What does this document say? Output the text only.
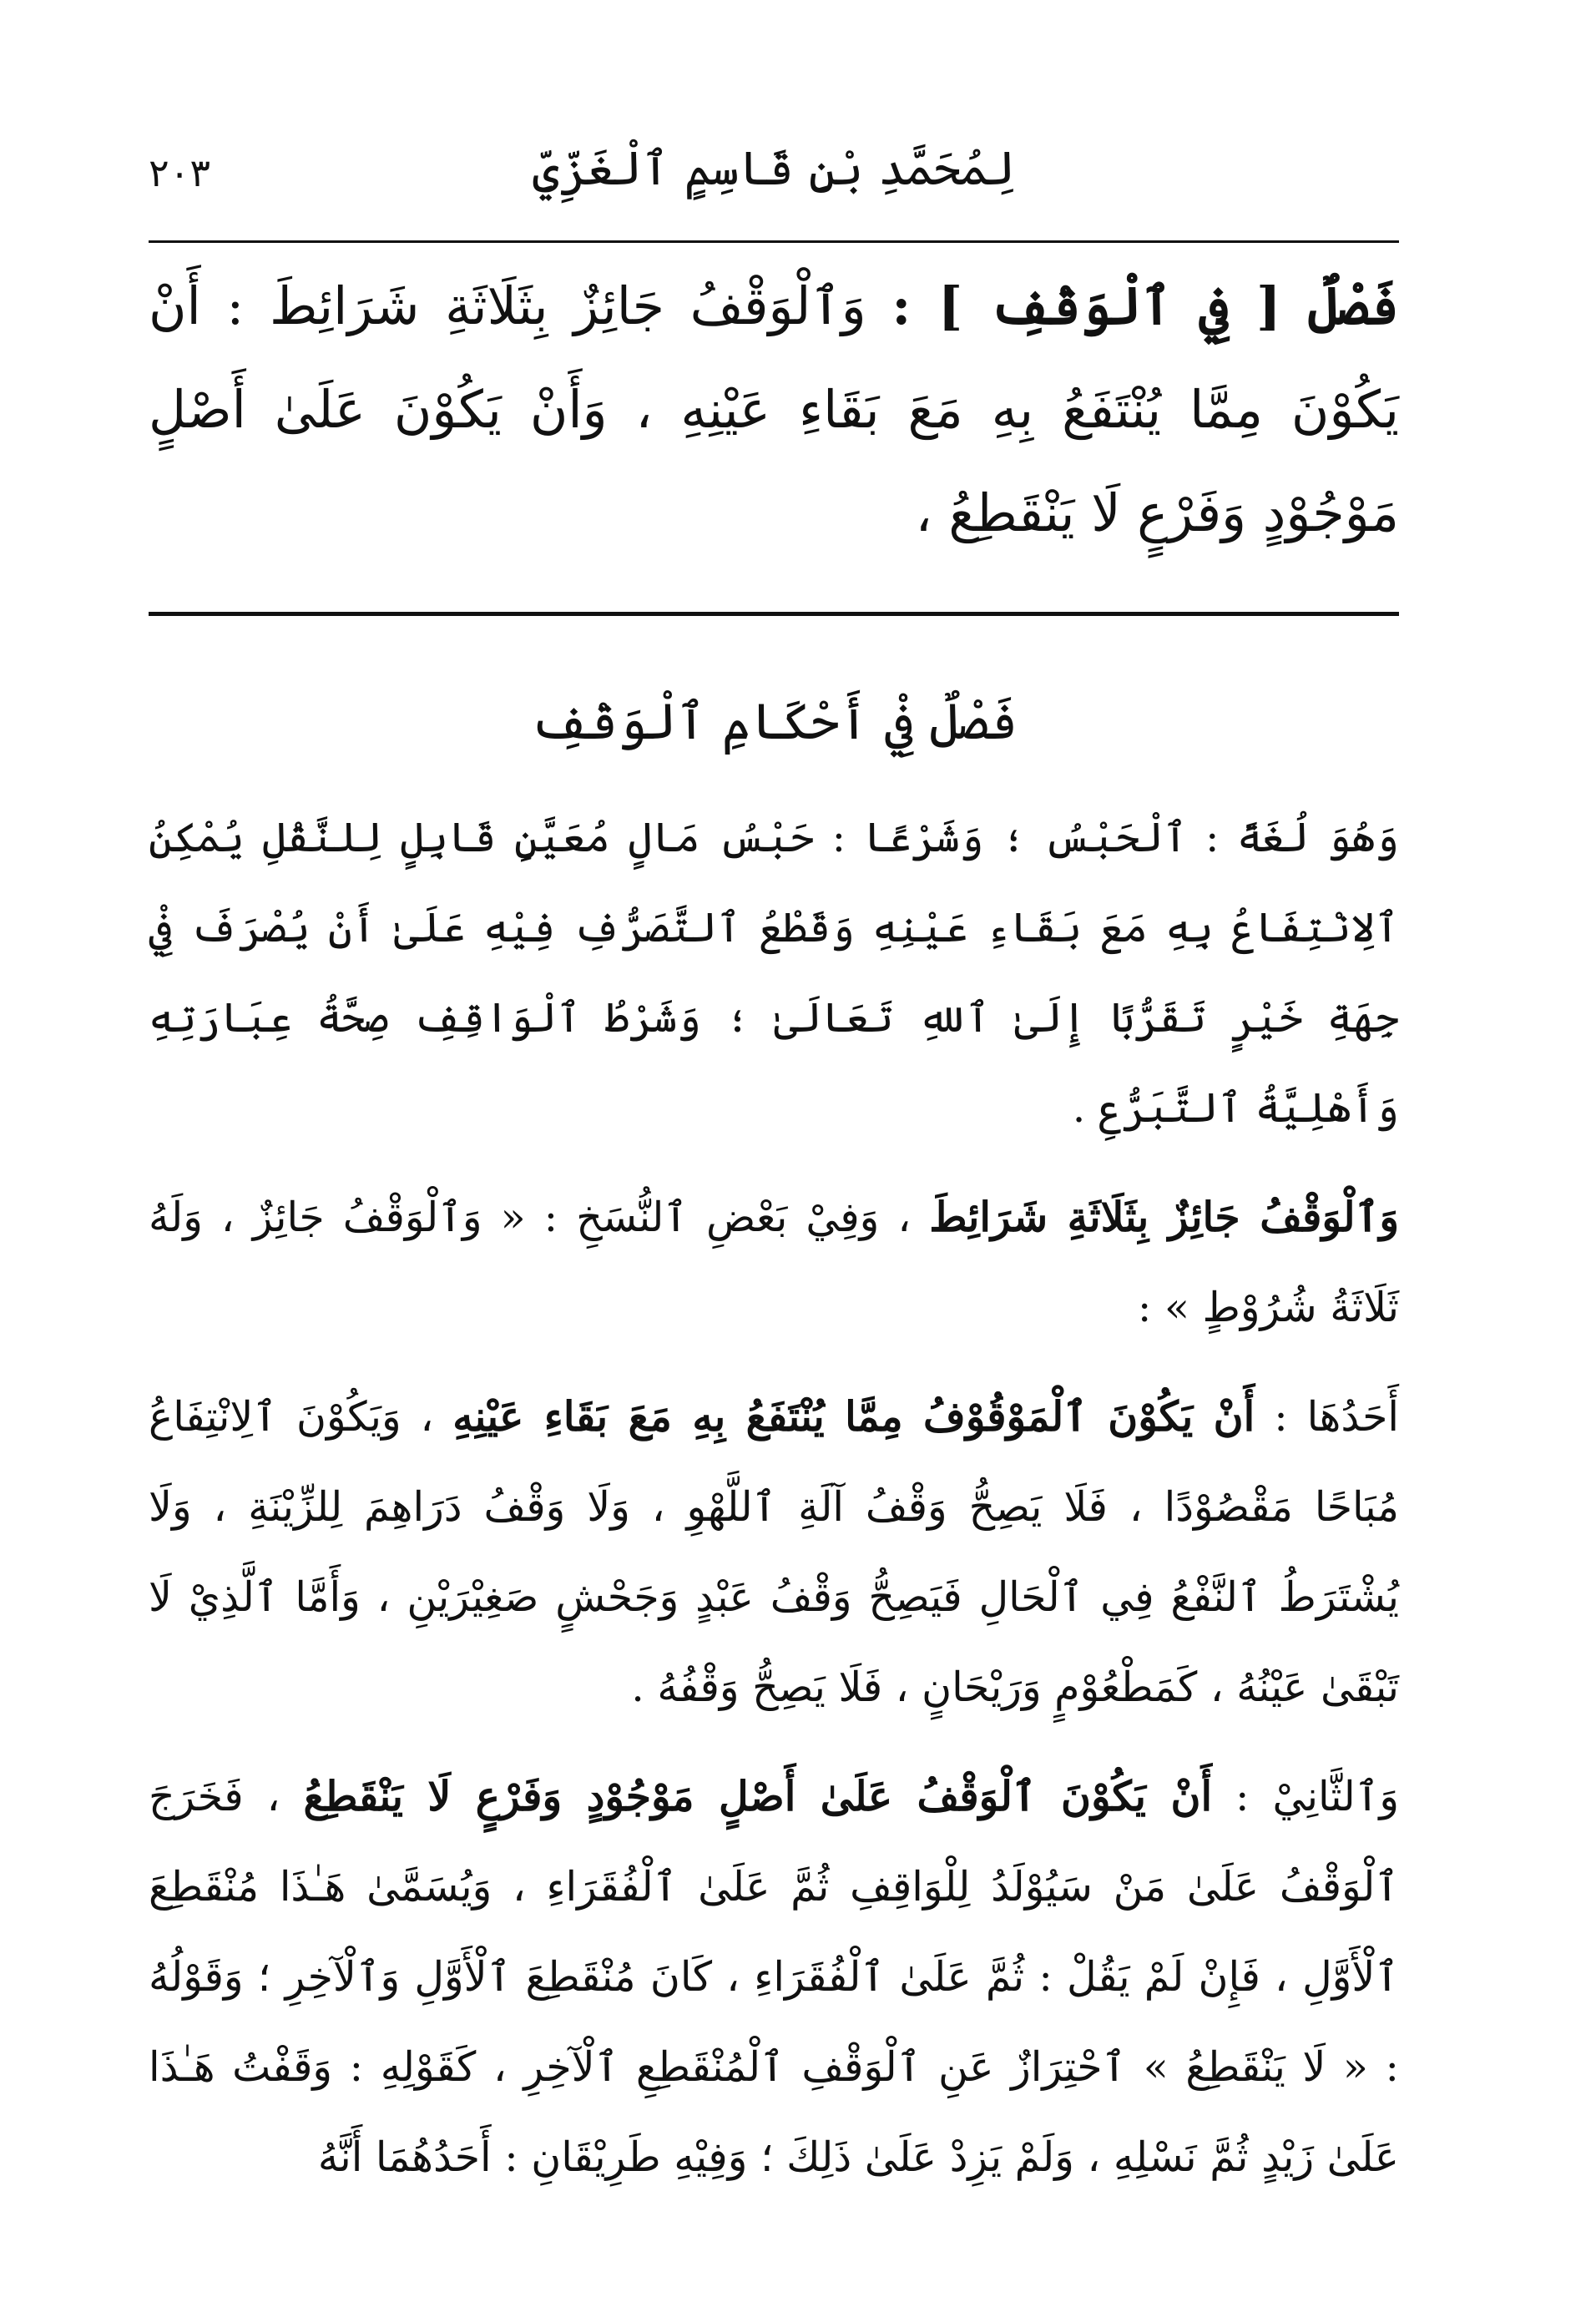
٢٠٣	لِمُحَمَّدِ بْنِ قَاسِمٍ ٱلْغَزِّيِّ
فَصْلٌ [ فِي ٱلْوَقْفِ ] : وَٱلْوَقْفُ جَائِزٌ بِثَلَاثَةِ شَرَائِطَ : أَنْ يَكُوْنَ مِمَّا يُنْتَفَعُ بِهِ مَعَ بَقَاءِ عَيْنِهِ ، وَأَنْ يَكُوْنَ عَلَىٰ أَصْلٍ مَوْجُوْدٍ وَفَرْعٍ لَا يَنْقَطِعُ ،
فَصْلٌ فِيْ أَحْكَامِ ٱلْوَقْفِ

وَهُوَ لُغَةً : ٱلْحَبْسُ ؛ وَشَرْعًا : حَبْسُ مَالٍ مُعَيَّنٍ قَابِلٍ لِلنَّقْلِ يُمْكِنُ ٱلِانْتِفَاعُ بِهِ مَعَ بَقَاءِ عَيْنِهِ وَقَطْعُ ٱلتَّصَرُّفِ فِيْهِ عَلَىٰ أَنْ يُصْرَفَ فِيْ جِهَةِ خَيْرٍ تَقَرُّبًا إِلَىٰ ٱللهِ تَعَالَىٰ ؛ وَشَرْطُ ٱلْوَاقِفِ صِحَّةُ عِبَارَتِهِ وَأَهْلِيَّةُ ٱلتَّبَرُّعِ .

وَٱلْوَقْفُ جَائِزٌ بِثَلَاثَةِ شَرَائِطَ ، وَفِيْ بَعْضِ ٱلنُّسَخِ : « وَٱلْوَقْفُ جَائِزٌ ، وَلَهُ ثَلَاثَةُ شُرُوْطٍ » :

أَحَدُهَا : أَنْ يَكُوْنَ ٱلْمَوْقُوْفُ مِمَّا يُنْتَفَعُ بِهِ مَعَ بَقَاءِ عَيْنِهِ ، وَيَكُوْنَ ٱلِانْتِفَاعُ مُبَاحًا مَقْصُوْدًا ، فَلَا يَصِحُّ وَقْفُ آلَةِ ٱللَّهْوِ ، وَلَا وَقْفُ دَرَاهِمَ لِلزِّيْنَةِ ، وَلَا يُشْتَرَطُ ٱلنَّفْعُ فِي ٱلْحَالِ فَيَصِحُّ وَقْفُ عَبْدٍ وَجَحْشٍ صَغِيْرَيْنِ ، وَأَمَّا ٱلَّذِيْ لَا تَبْقَىٰ عَيْنُهُ ، كَمَطْعُوْمٍ وَرَيْحَانٍ ، فَلَا يَصِحُّ وَقْفُهُ .

وَٱلثَّانِيْ : أَنْ يَكُوْنَ ٱلْوَقْفُ عَلَىٰ أَصْلٍ مَوْجُوْدٍ وَفَرْعٍ لَا يَنْقَطِعُ ، فَخَرَجَ ٱلْوَقْفُ عَلَىٰ مَنْ سَيُوْلَدُ لِلْوَاقِفِ ثُمَّ عَلَىٰ ٱلْفُقَرَاءِ ، وَيُسَمَّىٰ هَـٰذَا مُنْقَطِعَ ٱلْأَوَّلِ ، فَإِنْ لَمْ يَقُلْ : ثُمَّ عَلَىٰ ٱلْفُقَرَاءِ ، كَانَ مُنْقَطِعَ ٱلْأَوَّلِ وَٱلْآخِرِ ؛ وَقَوْلُهُ : « لَا يَنْقَطِعُ » ٱحْتِرَازٌ عَنِ ٱلْوَقْفِ ٱلْمُنْقَطِعِ ٱلْآخِرِ ، كَقَوْلِهِ : وَقَفْتُ هَـٰذَا عَلَىٰ زَيْدٍ ثُمَّ نَسْلِهِ ، وَلَمْ يَزِدْ عَلَىٰ ذَلِكَ ؛ وَفِيْهِ طَرِيْقَانِ : أَحَدُهُمَا أَنَّهُ
